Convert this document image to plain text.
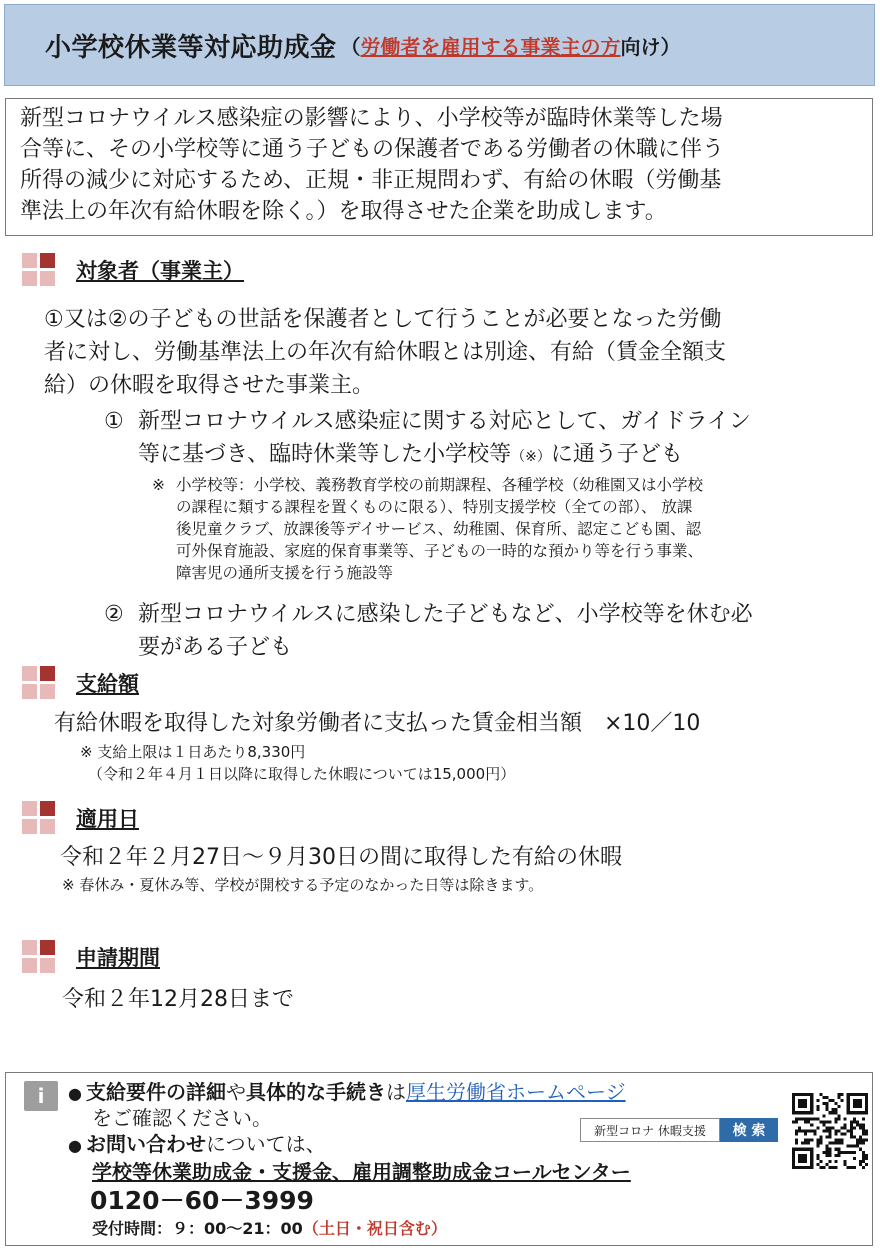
小学校休業等対応助成金 （労働者を雇用する事業主の方向け）
新型コロナウイルス感染症の影響により、小学校等が臨時休業等した場
合等に、その小学校等に通う子どもの保護者である労働者の休職に伴う
所得の減少に対応するため、正規・非正規問わず、有給の休暇（労働基
準法上の年次有給休暇を除く。）を取得させた企業を助成します。
対象者（事業主）
①又は②の子どもの世話を保護者として行うことが必要となった労働
者に対し、労働基準法上の年次有給休暇とは別途、有給（賃金全額支
給）の休暇を取得させた事業主。
① 新型コロナウイルス感染症に関する対応として、ガイドライン
等に基づき、臨時休業等した小学校等（※）に通う子ども
※ 小学校等：小学校、義務教育学校の前期課程、各種学校（幼稚園又は小学校
の課程に類する課程を置くものに限る）、特別支援学校（全ての部）、 放課
後児童クラブ、放課後等デイサービス、幼稚園、保育所、認定こども園、認
可外保育施設、家庭的保育事業等、子どもの一時的な預かり等を行う事業、
障害児の通所支援を行う施設等
② 新型コロナウイルスに感染した子どもなど、小学校等を休む必
要がある子ども
支給額
有給休暇を取得した対象労働者に支払った賃金相当額　×10／10
※ 支給上限は１日あたり8,330円
（令和２年４月１日以降に取得した休暇については15,000円）
適用日
令和２年２月27日～９月30日の間に取得した有給の休暇
※ 春休み・夏休み等、学校が開校する予定のなかった日等は除きます。
申請期間
令和２年12月28日まで
i	● 支給要件の詳細や具体的な手続きは厚生労働省ホームページ
をご確認ください。
● お問い合わせについては、
学校等休業助成金・支援金、雇用調整助成金コールセンター
0120－60－3999
受付時間：９：00～21：00（土日・祝日含む）
新型コロナ 休暇支援	検 索
